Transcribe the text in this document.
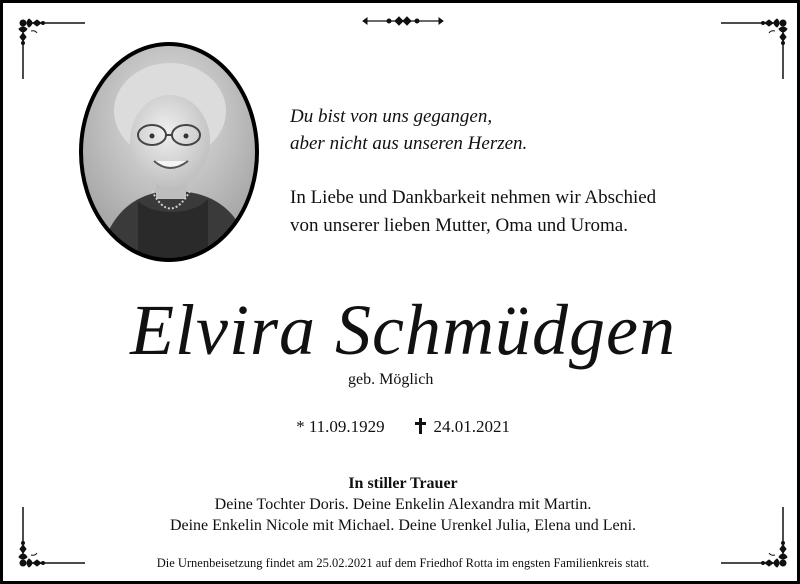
Du bist von uns gegangen,
aber nicht aus unseren Herzen.
In Liebe und Dankbarkeit nehmen wir Abschied
von unserer lieben Mutter, Oma und Uroma.
Elvira Schmüdgen
geb. Möglich
* 11.09.1929	24.01.2021
In stiller Trauer
Deine Tochter Doris. Deine Enkelin Alexandra mit Martin.
Deine Enkelin Nicole mit Michael. Deine Urenkel Julia, Elena und Leni.
Die Urnenbeisetzung findet am 25.02.2021 auf dem Friedhof Rotta im engsten Familienkreis statt.
